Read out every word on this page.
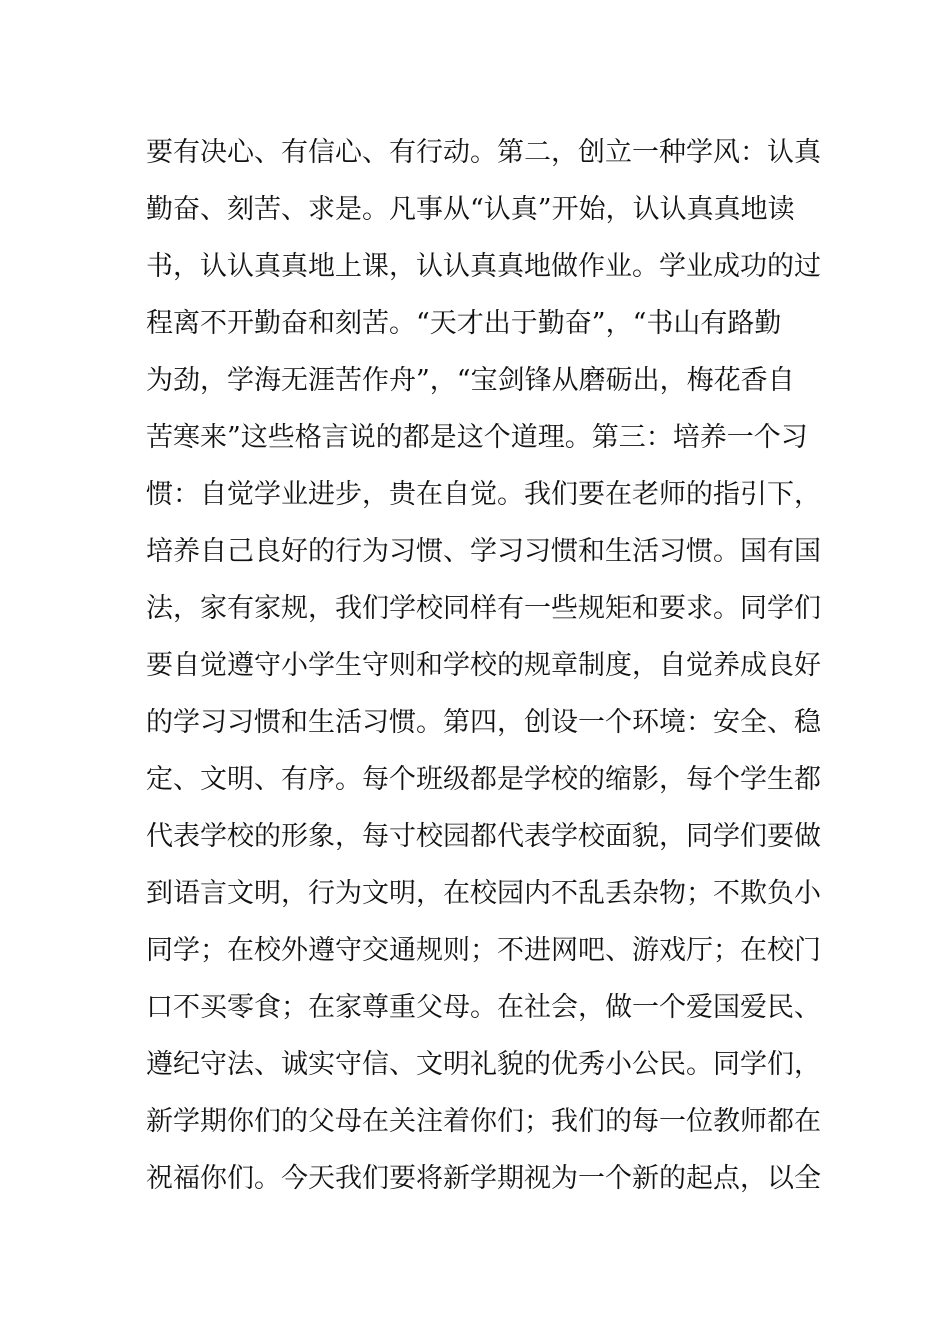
要有决心、有信心、有行动。第二，创立一种学风：认真
勤奋、刻苦、求是。凡事从“认真”开始，认认真真地读
书，认认真真地上课，认认真真地做作业。学业成功的过
程离不开勤奋和刻苦。“天才出于勤奋”，“书山有路勤
为劲，学海无涯苦作舟”，“宝剑锋从磨砺出，梅花香自
苦寒来”这些格言说的都是这个道理。第三：培养一个习
惯：自觉学业进步，贵在自觉。我们要在老师的指引下，
培养自己良好的行为习惯、学习习惯和生活习惯。国有国
法，家有家规，我们学校同样有一些规矩和要求。同学们
要自觉遵守小学生守则和学校的规章制度，自觉养成良好
的学习习惯和生活习惯。第四，创设一个环境：安全、稳
定、文明、有序。每个班级都是学校的缩影，每个学生都
代表学校的形象，每寸校园都代表学校面貌，同学们要做
到语言文明，行为文明，在校园内不乱丢杂物；不欺负小
同学；在校外遵守交通规则；不进网吧、游戏厅；在校门
口不买零食；在家尊重父母。在社会，做一个爱国爱民、
遵纪守法、诚实守信、文明礼貌的优秀小公民。同学们，
新学期你们的父母在关注着你们；我们的每一位教师都在
祝福你们。今天我们要将新学期视为一个新的起点，以全
